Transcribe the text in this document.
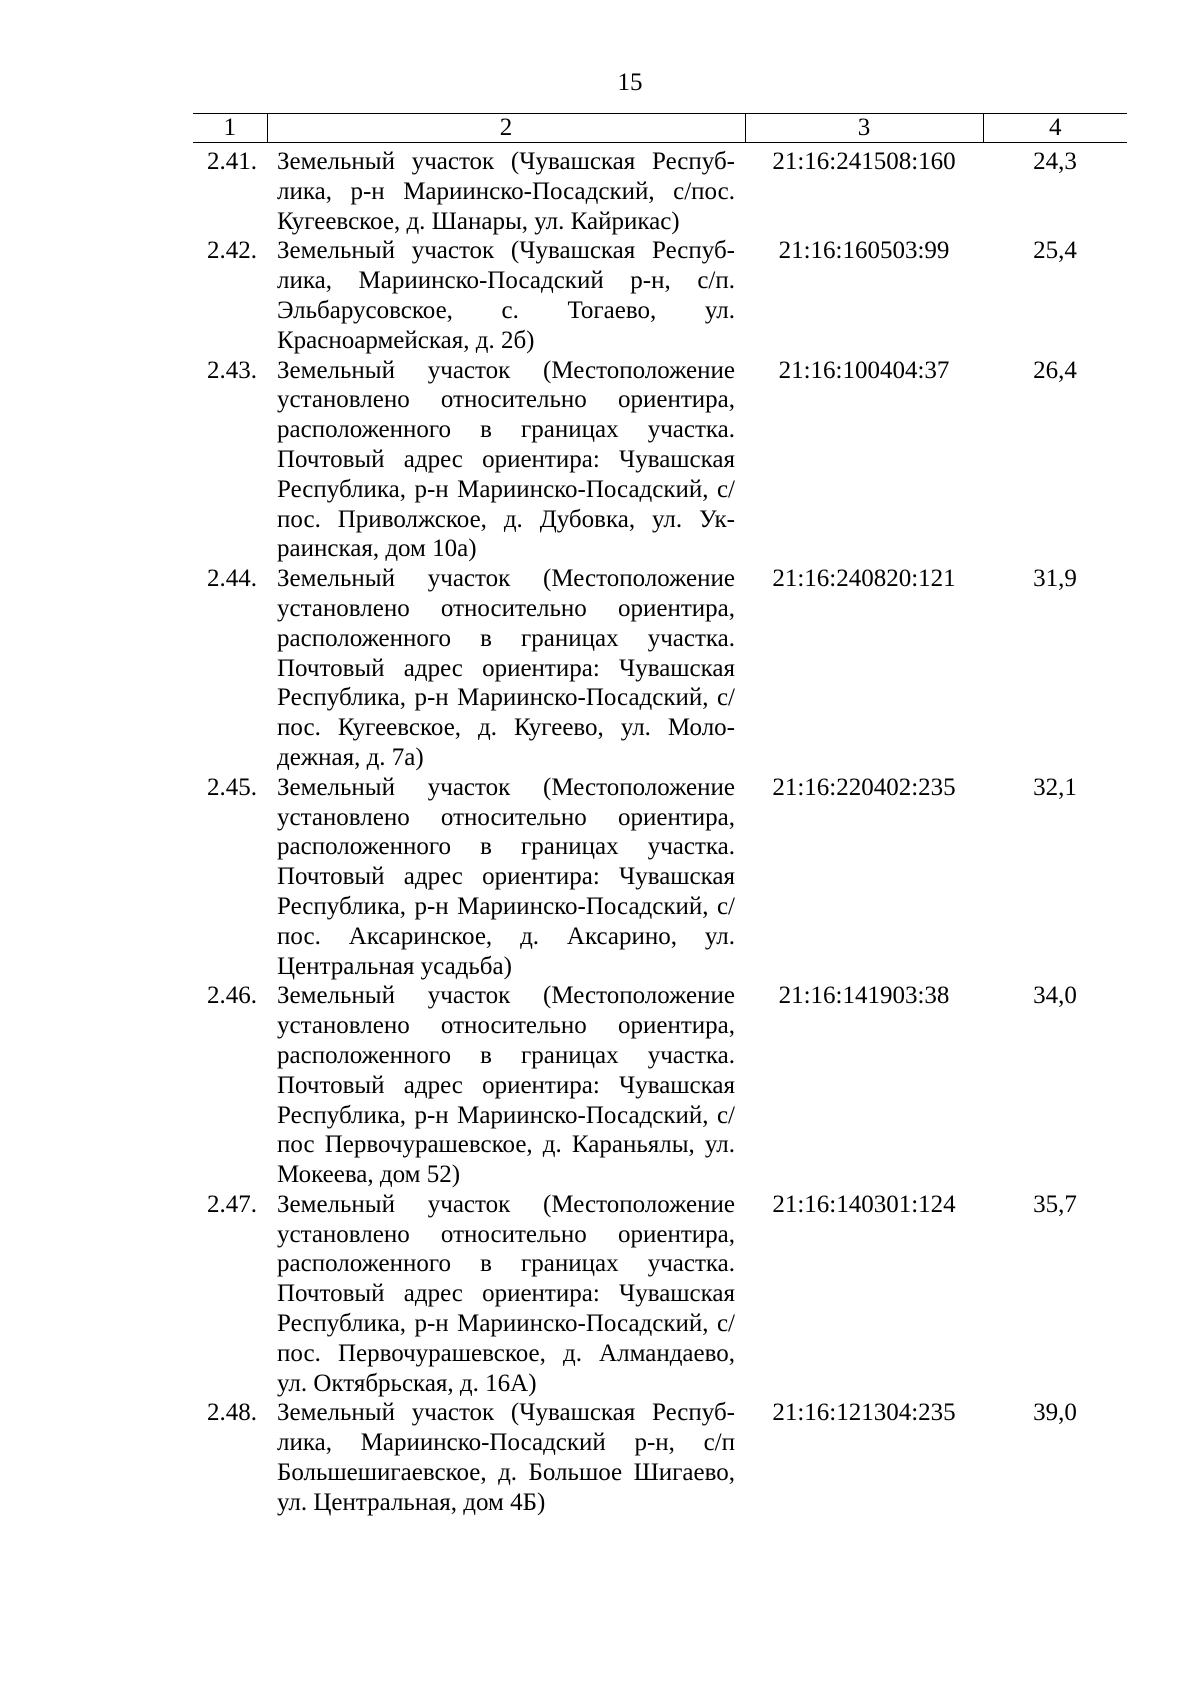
15
1	2	3	4
2.41.	Земельный участок (Чувашская Республика, р-н Мариинско-Посадский, с/пос. Кугеевское, д. Шанары, ул. Кайрикас)	21:16:241508:160	24,3
2.42.	Земельный участок (Чувашская Республика, Мариинско-Посадский р-н, с/п. Эльбарусовское, с. Тогаево, ул. Красноармейская, д. 2б)	21:16:160503:99	25,4
2.43.	Земельный участок (Местоположение установлено относительно ориентира, расположенного в границах участка. Почтовый адрес ориентира: Чувашская Республика, р-н Мариинско-Посадский, с/пос. Приволжское, д. Дубовка, ул. Украинская, дом 10а)	21:16:100404:37	26,4
2.44.	Земельный участок (Местоположение установлено относительно ориентира, расположенного в границах участка. Почтовый адрес ориентира: Чувашская Республика, р-н Мариинско-Посадский, с/пос. Кугеевское, д. Кугеево, ул. Молодежная, д. 7а)	21:16:240820:121	31,9
2.45.	Земельный участок (Местоположение установлено относительно ориентира, расположенного в границах участка. Почтовый адрес ориентира: Чувашская Республика, р-н Мариинско-Посадский, с/пос. Аксаринское, д. Аксарино, ул. Центральная усадьба)	21:16:220402:235	32,1
2.46.	Земельный участок (Местоположение установлено относительно ориентира, расположенного в границах участка. Почтовый адрес ориентира: Чувашская Республика, р-н Мариинско-Посадский, с/пос Первочурашевское, д. Караньялы, ул. Мокеева, дом 52)	21:16:141903:38	34,0
2.47.	Земельный участок (Местоположение установлено относительно ориентира, расположенного в границах участка. Почтовый адрес ориентира: Чувашская Республика, р-н Мариинско-Посадский, с/пос. Первочурашевское, д. Алмандаево, ул. Октябрьская, д. 16А)	21:16:140301:124	35,7
2.48.	Земельный участок (Чувашская Республика, Мариинско-Посадский р-н, с/п Большешигаевское, д. Большое Шигаево, ул. Центральная, дом 4Б)	21:16:121304:235	39,0
